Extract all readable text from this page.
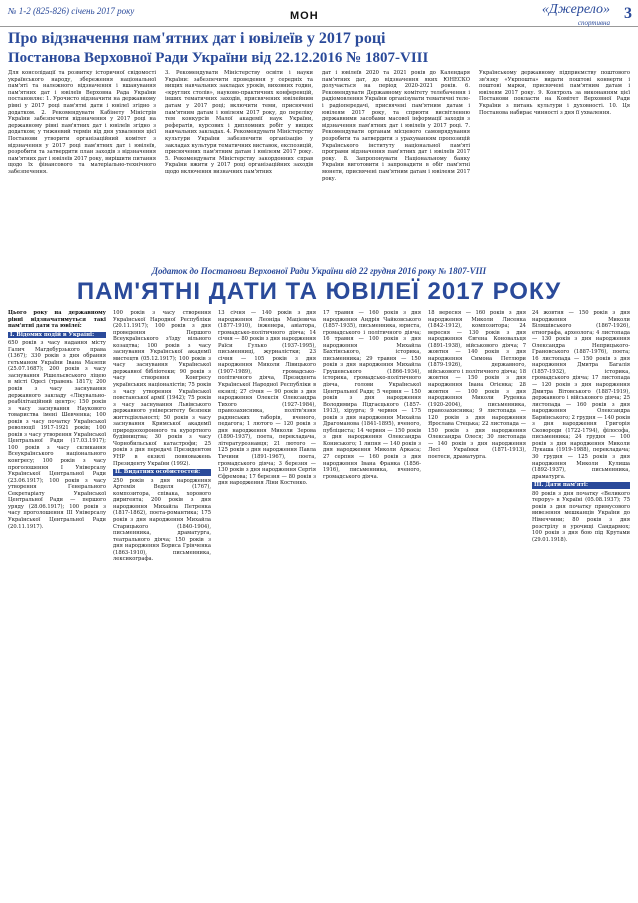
№ 1-2 (825-826) січень 2017 року	МОН	«Джерело»
спортивна
3
Про відзначення пам'ятних дат і ювілеїв у 2017 році
Постанова Верховної Ради України від 22.12.2016 № 1807-VIII
Для консолідації та розвитку історичної свідомості українського народу, збереження національної пам'яті та належного відзначення і вшанування пам'ятних дат і ювілеїв Верховна Рада України постановляє: 1. Урочисто відзначити на державному рівні у 2017 році пам'ятні дати і ювілеї згідно з додатком. 2. Рекомендувати Кабінету Міністрів України забезпечити відзначення у 2017 році на державному рівні пам'ятних дат і ювілеїв згідно з додатком; у тижневий термін від дня ухвалення цієї Постанови утворити організаційний комітет з відзначення у 2017 році пам'ятних дат і ювілеїв, розробити та затвердити план заходів з відзначення пам'ятних дат і ювілеїв 2017 року, вирішити питання щодо їх фінансового та матеріально-технічного забезпечення.
3. Рекомендувати Міністерству освіти і науки України: забезпечити проведення у середніх та вищих навчальних закладах уроків, виховних годин, «круглих столів», науково-практичних конференцій, інших тематичних заходів, присвячених ювілейним датам у 2017 році; включити теми, присвячені пам'ятним датам і ювілеям 2017 року, до переліку тем конкурсів Малої академії наук України, рефератів, курсових і дипломних робіт у вищих навчальних закладах. 4. Рекомендувати Міністерству культури України забезпечити організацію у закладах культури тематичних виставок, експозицій, присвячених пам'ятним датам і ювілеям 2017 року. 5. Рекомендувати Міністерству закордонних справ України вжити у 2017 році організаційних заходів щодо включення визначних пам'ятних
дат і ювілеїв 2020 та 2021 років до Календаря пам'ятних дат, до відзначення яких ЮНЕСКО долучається на період 2020-2021 років. 6. Рекомендувати Державному комітету телебачення і радіомовлення України організувати тематичні теле- і радіопередачі, присвячені пам'ятним датам і ювілеям 2017 року, та сприяти висвітленню державними засобами масової інформації заходів з відзначення пам'ятних дат і ювілеїв у 2017 році. 7. Рекомендувати органам місцевого самоврядування розробити та затвердити з урахуванням пропозицій Українського інституту національної пам'яті програми відзначення пам'ятних дат і ювілеїв 2017 року. 8. Запропонувати Національному банку України виготовити і запровадити в обіг пам'ятні монети, присвячені пам'ятним датам і ювілеям 2017 року.
Українському державному підприємству поштового зв'язку «Укрпошта» видати поштові конверти і поштові марки, присвячені пам'ятним датам і ювілеям 2017 року. 9. Контроль за виконанням цієї Постанови покласти на Комітет Верховної Ради України з питань культури і духовності. 10. Ця Постанова набирає чинності з дня її ухвалення.
Додаток до Постанови Верховної Ради України від 22 грудня 2016 року № 1807-VIII
ПАМ'ЯТНІ ДАТИ ТА ЮВІЛЕЇ 2017 РОКУ
Цього року на державному рівні відзначатимуться такі пам'ятні дати та ювілеї:
I. Відомих подій в Україні:
650 років з часу надання місту Галич Магдебурзького права (1367); 330 років з дня обрання гетьманом України Івана Мазепи (25.07.1687); 200 років з часу заснування Рішельєвського ліцею в місті Одесі (травень 1817); 200 років з часу заснування державного закладу «Лікувально-реабілітаційний центр»; 150 років з часу заснування Наукового товариства імені Шевченка; 100 років з часу початку Української революції 1917-1921 років; 100 років з часу утворення Української Центральної Ради (17.03.1917); 100 років з часу скликання Всеукраїнського національного конгресу; 100 років з часу проголошення I Універсалу Української Центральної Ради (23.06.1917); 100 років з часу утворення Генерального Секретаріату Української Центральної Ради — першого уряду (28.06.1917); 100 років з часу проголошення III Універсалу Української Центральної Ради (20.11.1917).
100 років з часу створення Української Народної Республіки (20.11.1917); 100 років з дня проведення Першого Всеукраїнського з'їзду вільного козацтва; 100 років з часу заснування Української академії мистецтв (05.12.1917); 100 років з часу заснування Української державної бібліотеки; 90 років з часу створення Конгресу українських націоналістів; 75 років з часу утворення Української повстанської армії (1942); 75 років з часу заснування Львівського державного університету безпеки життєдіяльності; 50 років з часу заснування Кримської академії природоохоронного та курортного будівництва; 30 років з часу Чорнобильської катастрофи; 25 років з дня передачі Президентом УНР в екзилі повноважень Президенту України (1992).
II. Видатних особистостей:
250 років з дня народження Артемія Веделя (1767), композитора, співака, хорового диригента; 200 років з дня народження Михайла Петренка (1817-1862), поета-романтика; 175 років з дня народження Михайла Старицького (1840-1904), письменника, драматурга, театрального діяча; 150 років з дня народження Бориса Грінченка (1863-1910), письменника, лексикографа.
13 січня — 140 років з дня народження Леоніда Маціевича (1877-1910), інженера, авіатора, громадсько-політичного діяча; 14 січня — 80 років з дня народження Раїси Гулько (1937-1995), письменниці, журналістки; 23 січня — 105 років з дня народження Миколи Лівицького (1907-1989), громадсько-політичного діяча, Президента Української Народної Республіки в екзилі; 27 січня — 90 років з дня народження Олексія Олександра Тихого (1927-1984), правозахисника, політв'язня радянських таборів, вченого, педагога; 1 лютого — 120 років з дня народження Миколи Зерова (1890-1937), поета, перекладача, літературознавця; 21 лютого — 125 років з дня народження Павла Тичини (1891-1967), поета, громадського діяча; 3 березня — 130 років з дня народження Сергія Єфремова; 17 березня — 80 років з дня народження Ліни Костенко.
17 травня — 160 років з дня народження Андрія Чайковського (1857-1935), письменника, юриста, громадського і політичного діяча; 16 травня — 100 років з дня народження Михайла Бахтінського, історика, письменника; 29 травня — 150 років з дня народження Михайла Грушевського (1866-1934), історика, громадсько-політичного діяча, голови Української Центральної Ради; 5 червня — 150 років з дня народження Володимира Підгаєцького (1857-1913), хірурга; 9 червня — 175 років з дня народження Михайла Драгоманова (1841-1895), вченого, публіциста; 14 червня — 150 років з дня народження Олександра Кониського; 1 липня — 140 років з дня народження Миколи Аркаса; 27 серпня — 160 років з дня народження Івана Франка (1856-1916), письменника, вченого, громадського діяча.
18 вересня — 160 років з дня народження Миколи Лисенка (1842-1912), композитора; 24 вересня — 130 років з дня народження Євгена Коновальця (1891-1938), військового діяча; 7 жовтня — 140 років з дня народження Симона Петлюри (1879-1926), державного, військового і політичного діяча; 18 жовтня — 150 років з дня народження Івана Огієнка; 28 жовтня — 100 років з дня народження Миколи Руденка (1920-2004), письменника, правозахисника; 9 листопада — 120 років з дня народження Ярослава Стецька; 22 листопада — 150 років з дня народження Олександра Олеся; 30 листопада — 140 років з дня народження Лесі Українки (1871-1913), поетеси, драматурга.
24 жовтня — 150 років з дня народження Миколи Біляшівського (1867-1926), етнографа, археолога; 4 листопада — 130 років з дня народження Олександра Неприцького-Грановського (1887-1976), поета; 16 листопада — 150 років з дня народження Дмитра Багалія (1857-1932), історика, громадського діяча; 17 листопада — 120 років з дня народження Дмитра Вітовського (1887-1919), державного і військового діяча; 25 листопада — 160 років з дня народження Олександра Барвінського; 2 грудня — 140 років з дня народження Григорія Сковороди (1722-1794), філософа, письменника; 24 грудня — 100 років з дня народження Миколи Лукаша (1919-1988), перекладача; 30 грудня — 125 років з дня народження Миколи Кулиша (1892-1937), письменника, драматурга.
III. Дати пам'яті:
80 років з дня початку «Великого терору» в Україні (05.08.1937); 75 років з дня початку примусового вивезення мешканців України до Німеччини; 80 років з дня розстрілу в урочищі Сандармох; 100 років з дня бою під Крутами (29.01.1918).
